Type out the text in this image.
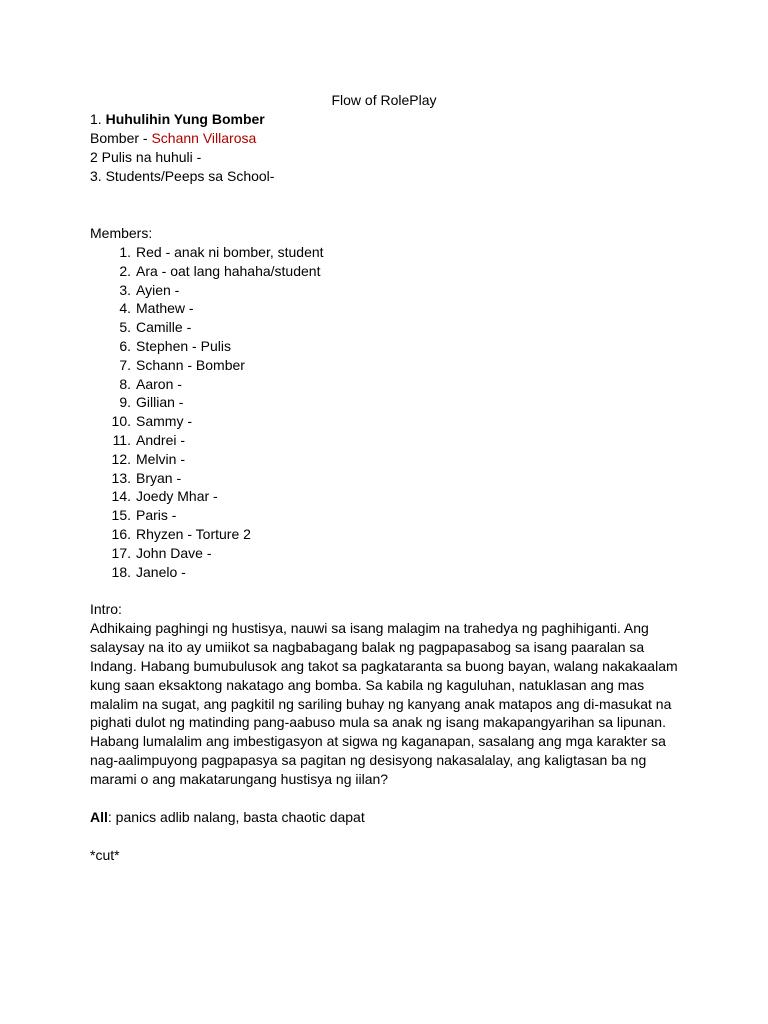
Flow of RolePlay

1. Huhulihin Yung Bomber

Bomber - Schann Villarosa

2 Pulis na huhuli -

3. Students/Peeps sa School-

Members:

1. Red - anak ni bomber, student
2. Ara - oat lang hahaha/student
3. Ayien -
4. Mathew -
5. Camille -
6. Stephen - Pulis
7. Schann - Bomber
8. Aaron -
9. Gillian -
10. Sammy -
11. Andrei -
12. Melvin -
13. Bryan -
14. Joedy Mhar -
15. Paris -
16. Rhyzen - Torture 2
17. John Dave -
18. Janelo -

Intro:

Adhikaing paghingi ng hustisya, nauwi sa isang malagim na trahedya ng paghihiganti. Ang
salaysay na ito ay umiikot sa nagbabagang balak ng pagpapasabog sa isang paaralan sa
Indang. Habang bumubulusok ang takot sa pagkataranta sa buong bayan, walang nakakaalam
kung saan eksaktong nakatago ang bomba. Sa kabila ng kaguluhan, natuklasan ang mas
malalim na sugat, ang pagkitil ng sariling buhay ng kanyang anak matapos ang di-masukat na
pighati dulot ng matinding pang-aabuso mula sa anak ng isang makapangyarihan sa lipunan.
Habang lumalalim ang imbestigasyon at sigwa ng kaganapan, sasalang ang mga karakter sa
nag-aalimpuyong pagpapasya sa pagitan ng desisyong nakasalalay, ang kaligtasan ba ng
marami o ang makatarungang hustisya ng iilan?

All: panics adlib nalang, basta chaotic dapat

*cut*
